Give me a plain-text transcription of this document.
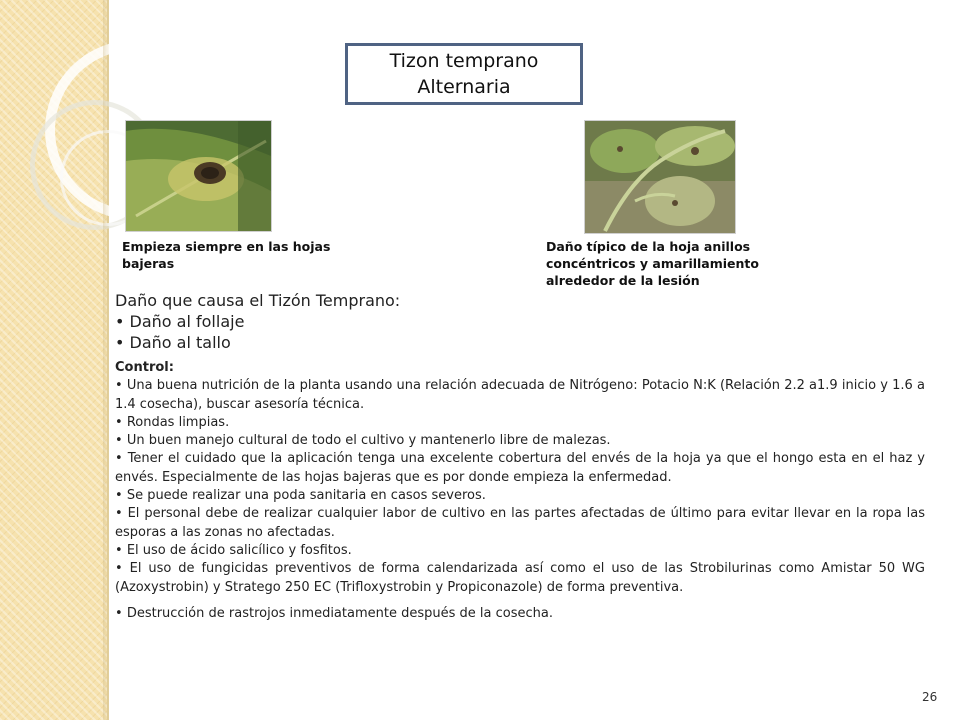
Tizon temprano
Alternaria
Empieza siempre en las hojas bajeras
Daño típico de la hoja anillos concéntricos y amarillamiento alrededor de la lesión

Daño que causa el Tizón Temprano:

• Daño al follaje
• Daño al tallo

Control:

• Una buena nutrición de la planta usando una relación adecuada de Nitrógeno: Potacio N:K (Relación 2.2 a1.9 inicio y 1.6 a 1.4 cosecha), buscar asesoría técnica.
• Rondas limpias.
• Un buen manejo cultural de todo el cultivo y mantenerlo libre de malezas.
• Tener el cuidado que la aplicación tenga una excelente cobertura del envés de la hoja ya que el hongo esta en el haz y envés. Especialmente de las hojas bajeras que es por donde empieza la enfermedad.
• Se puede realizar una poda sanitaria en casos severos.
• El personal debe de realizar cualquier labor de cultivo en las partes afectadas de último para evitar llevar en la ropa las esporas a las zonas no afectadas.
• El uso de ácido salicílico y fosfitos.
• El uso de fungicidas preventivos de forma calendarizada así como el uso de las Strobilurinas como Amistar 50 WG (Azoxystrobin) y Stratego 250 EC (Trifloxystrobin y Propiconazole) de forma preventiva.
• Destrucción de rastrojos inmediatamente después de la cosecha.
26
